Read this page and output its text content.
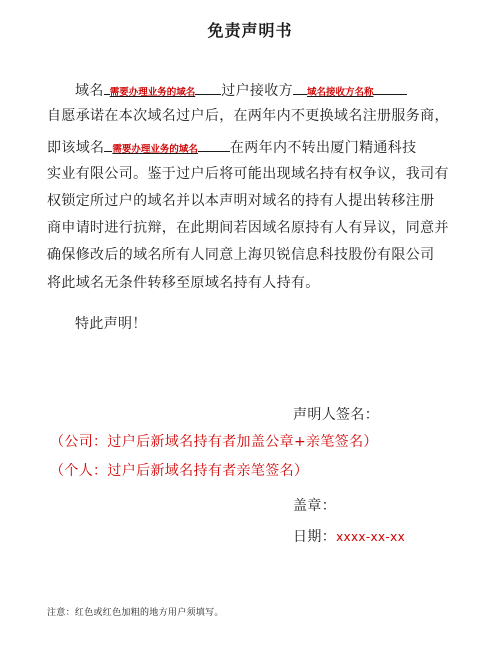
免责声明书
域名 需要办理业务的域名 过户接收方 域名接收方名称
自愿承诺在本次域名过户后，在两年内不更换域名注册服务商，
即该域名 需要办理业务的域名 在两年内不转出厦门精通科技
实业有限公司。鉴于过户后将可能出现域名持有权争议，我司有
权锁定所过户的域名并以本声明对域名的持有人提出转移注册
商申请时进行抗辩，在此期间若因域名原持有人有异议，同意并
确保修改后的域名所有人同意上海贝锐信息科技股份有限公司
将此域名无条件转移至原域名持有人持有。
特此声明！
声明人签名：
（公司：过户后新域名持有者加盖公章+亲笔签名）
（个人：过户后新域名持有者亲笔签名）
盖章：
日期：xxxx-xx-xx
注意：红色或红色加粗的地方用户须填写。
